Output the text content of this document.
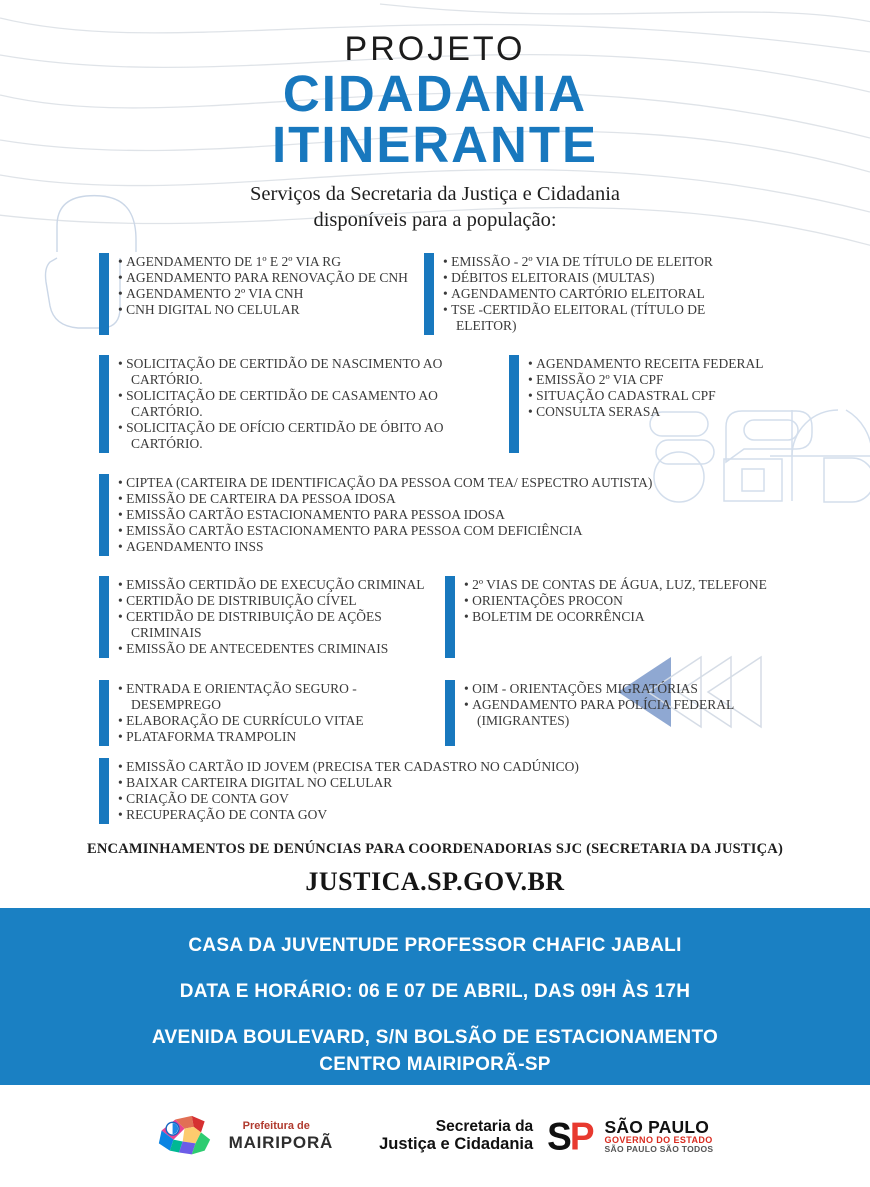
PROJETO
CIDADANIA
ITINERANTE

Serviços da Secretaria da Justiça e Cidadania
disponíveis para a população:

• AGENDAMENTO DE 1º E 2º VIA RG
• AGENDAMENTO PARA RENOVAÇÃO DE CNH
• AGENDAMENTO 2º VIA CNH
• CNH DIGITAL NO CELULAR
• EMISSÃO - 2º VIA DE TÍTULO DE ELEITOR
• DÉBITOS ELEITORAIS (MULTAS)
• AGENDAMENTO CARTÓRIO ELEITORAL
• TSE -CERTIDÃO ELEITORAL (TÍTULO DE ELEITOR)
• SOLICITAÇÃO DE CERTIDÃO DE NASCIMENTO AO CARTÓRIO.
• SOLICITAÇÃO DE CERTIDÃO DE CASAMENTO AO CARTÓRIO.
• SOLICITAÇÃO DE OFÍCIO CERTIDÃO DE ÓBITO AO CARTÓRIO.
• AGENDAMENTO RECEITA FEDERAL
• EMISSÃO 2º VIA CPF
• SITUAÇÃO CADASTRAL CPF
• CONSULTA SERASA
• CIPTEA (CARTEIRA DE IDENTIFICAÇÃO DA PESSOA COM TEA/ ESPECTRO AUTISTA)
• EMISSÃO DE CARTEIRA DA PESSOA IDOSA
• EMISSÃO CARTÃO ESTACIONAMENTO PARA PESSOA IDOSA
• EMISSÃO CARTÃO ESTACIONAMENTO PARA PESSOA COM DEFICIÊNCIA
• AGENDAMENTO INSS
• EMISSÃO CERTIDÃO DE EXECUÇÃO CRIMINAL
• CERTIDÃO DE DISTRIBUIÇÃO CÍVEL
• CERTIDÃO DE DISTRIBUIÇÃO DE AÇÕES CRIMINAIS
• EMISSÃO DE ANTECEDENTES CRIMINAIS
• 2º VIAS DE CONTAS DE ÁGUA, LUZ, TELEFONE
• ORIENTAÇÕES PROCON
• BOLETIM DE OCORRÊNCIA
• ENTRADA E ORIENTAÇÃO SEGURO - DESEMPREGO
• ELABORAÇÃO DE CURRÍCULO VITAE
• PLATAFORMA TRAMPOLIN
• OIM - ORIENTAÇÕES MIGRATÓRIAS
• AGENDAMENTO PARA POLÍCIA FEDERAL (IMIGRANTES)
• EMISSÃO CARTÃO ID JOVEM (PRECISA TER CADASTRO NO CADÚNICO)
• BAIXAR CARTEIRA DIGITAL NO CELULAR
• CRIAÇÃO DE CONTA GOV
• RECUPERAÇÃO DE CONTA GOV

ENCAMINHAMENTOS DE DENÚNCIAS PARA COORDENADORIAS SJC (SECRETARIA DA JUSTIÇA)

JUSTICA.SP.GOV.BR

CASA DA JUVENTUDE PROFESSOR CHAFIC JABALI

DATA E HORÁRIO: 06 E 07 DE ABRIL, DAS 09H ÀS 17H

AVENIDA BOULEVARD, S/N BOLSÃO DE ESTACIONAMENTO

CENTRO MAIRIPORÃ-SP

Prefeitura de
MAIRIPORÃ
Secretaria da
Justiça e Cidadania SP SÃO PAULO
GOVERNO DO ESTADO
SÃO PAULO SÃO TODOS
